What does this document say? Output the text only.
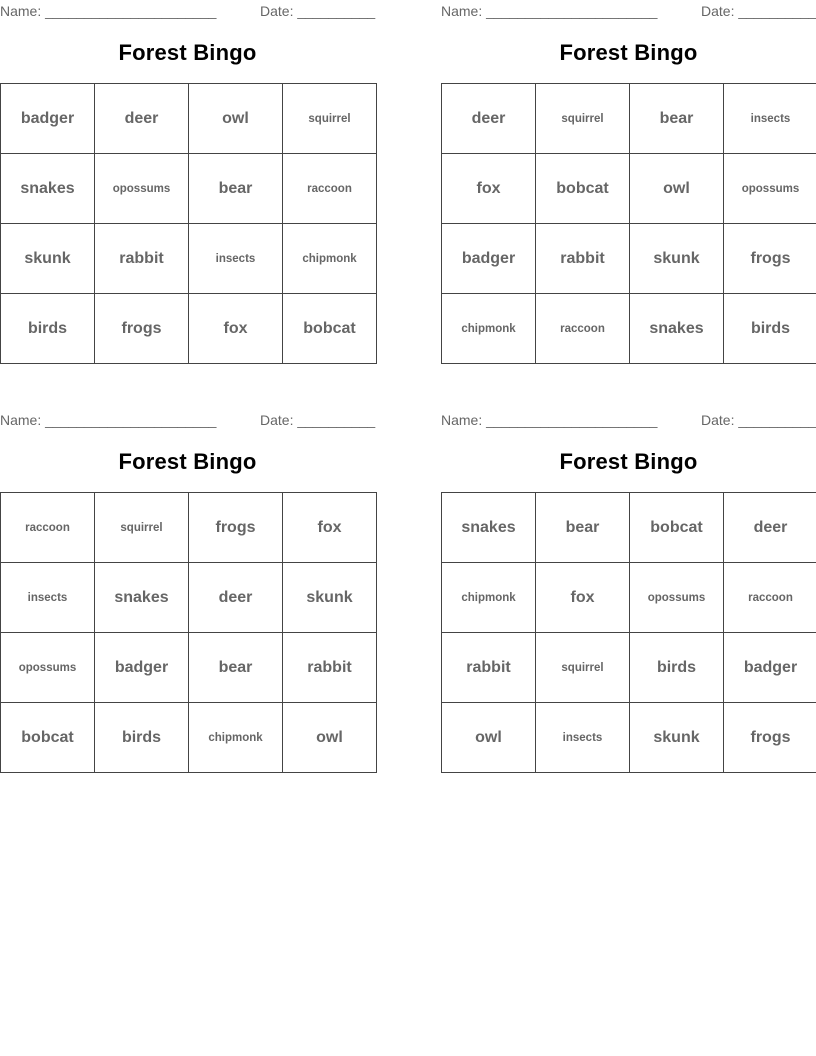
Name: ______________________	Date: __________
Forest Bingo
badger	deer	owl	squirrel
snakes	opossums	bear	raccoon
skunk	rabbit	insects	chipmonk
birds	frogs	fox	bobcat
Name: ______________________	Date: __________
Forest Bingo
deer	squirrel	bear	insects
fox	bobcat	owl	opossums
badger	rabbit	skunk	frogs
chipmonk	raccoon	snakes	birds
Name: ______________________	Date: __________
Forest Bingo
raccoon	squirrel	frogs	fox
insects	snakes	deer	skunk
opossums	badger	bear	rabbit
bobcat	birds	chipmonk	owl
Name: ______________________	Date: __________
Forest Bingo
snakes	bear	bobcat	deer
chipmonk	fox	opossums	raccoon
rabbit	squirrel	birds	badger
owl	insects	skunk	frogs
